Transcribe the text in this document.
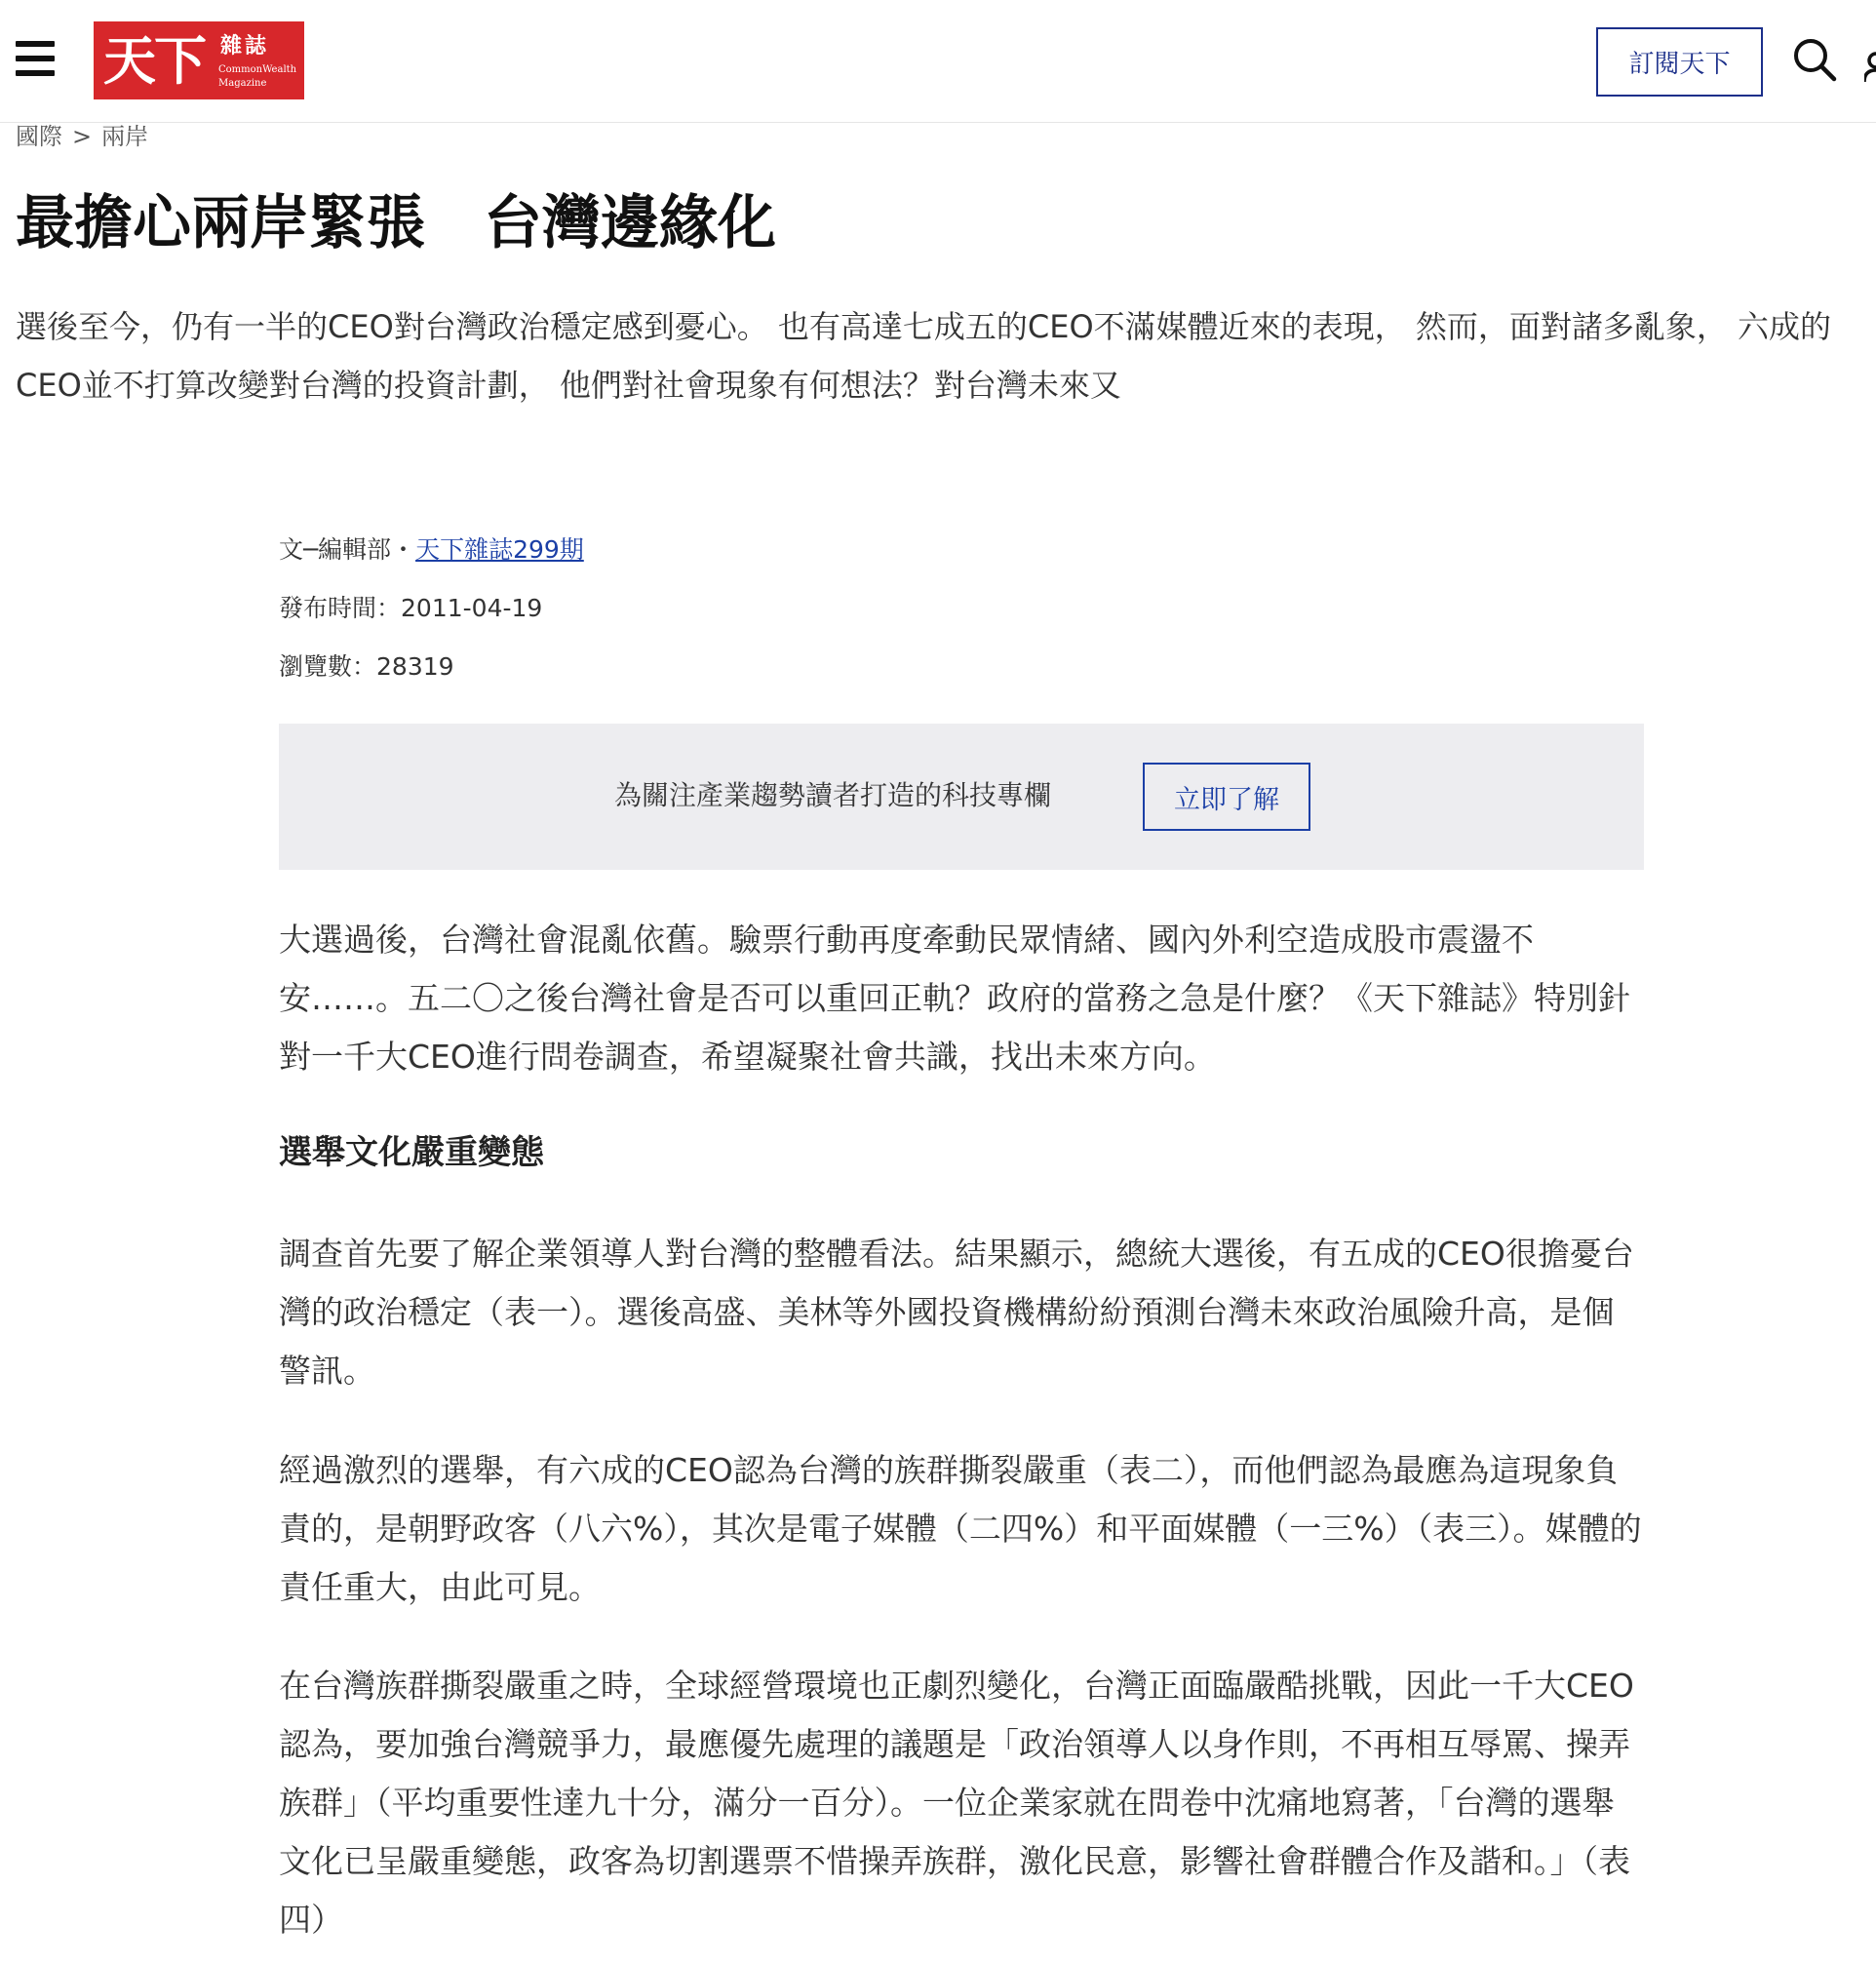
天下 雜誌
CommonWealth
Magazine
訂閱天下
國際 > 兩岸
最擔心兩岸緊張　台灣邊緣化

選後至今，仍有一半的CEO對台灣政治穩定感到憂心。 也有高達七成五的CEO不滿媒體近來的表現， 然而，面對諸多亂象， 六成的CEO並不打算改變對台灣的投資計劃， 他們對社會現象有何想法？對台灣未來又

文─編輯部・天下雜誌299期
發布時間：2011-04-19
瀏覽數：28319
為關注產業趨勢讀者打造的科技專欄	立即了解

大選過後，台灣社會混亂依舊。驗票行動再度牽動民眾情緒、國內外利空造成股市震盪不安……。五二〇之後台灣社會是否可以重回正軌？政府的當務之急是什麼？《天下雜誌》特別針對一千大CEO進行問卷調查，希望凝聚社會共識，找出未來方向。

選舉文化嚴重變態

調查首先要了解企業領導人對台灣的整體看法。結果顯示，總統大選後，有五成的CEO很擔憂台灣的政治穩定（表一）。選後高盛、美林等外國投資機構紛紛預測台灣未來政治風險升高，是個警訊。

經過激烈的選舉，有六成的CEO認為台灣的族群撕裂嚴重（表二），而他們認為最應為這現象負責的，是朝野政客（八六%），其次是電子媒體（二四%）和平面媒體（一三%）（表三）。媒體的責任重大，由此可見。

在台灣族群撕裂嚴重之時，全球經營環境也正劇烈變化，台灣正面臨嚴酷挑戰，因此一千大CEO認為，要加強台灣競爭力，最應優先處理的議題是「政治領導人以身作則，不再相互辱罵、操弄族群」（平均重要性達九十分，滿分一百分）。一位企業家就在問卷中沈痛地寫著，「台灣的選舉文化已呈嚴重變態，政客為切割選票不惜操弄族群，激化民意，影響社會群體合作及諧和。」（表四）
